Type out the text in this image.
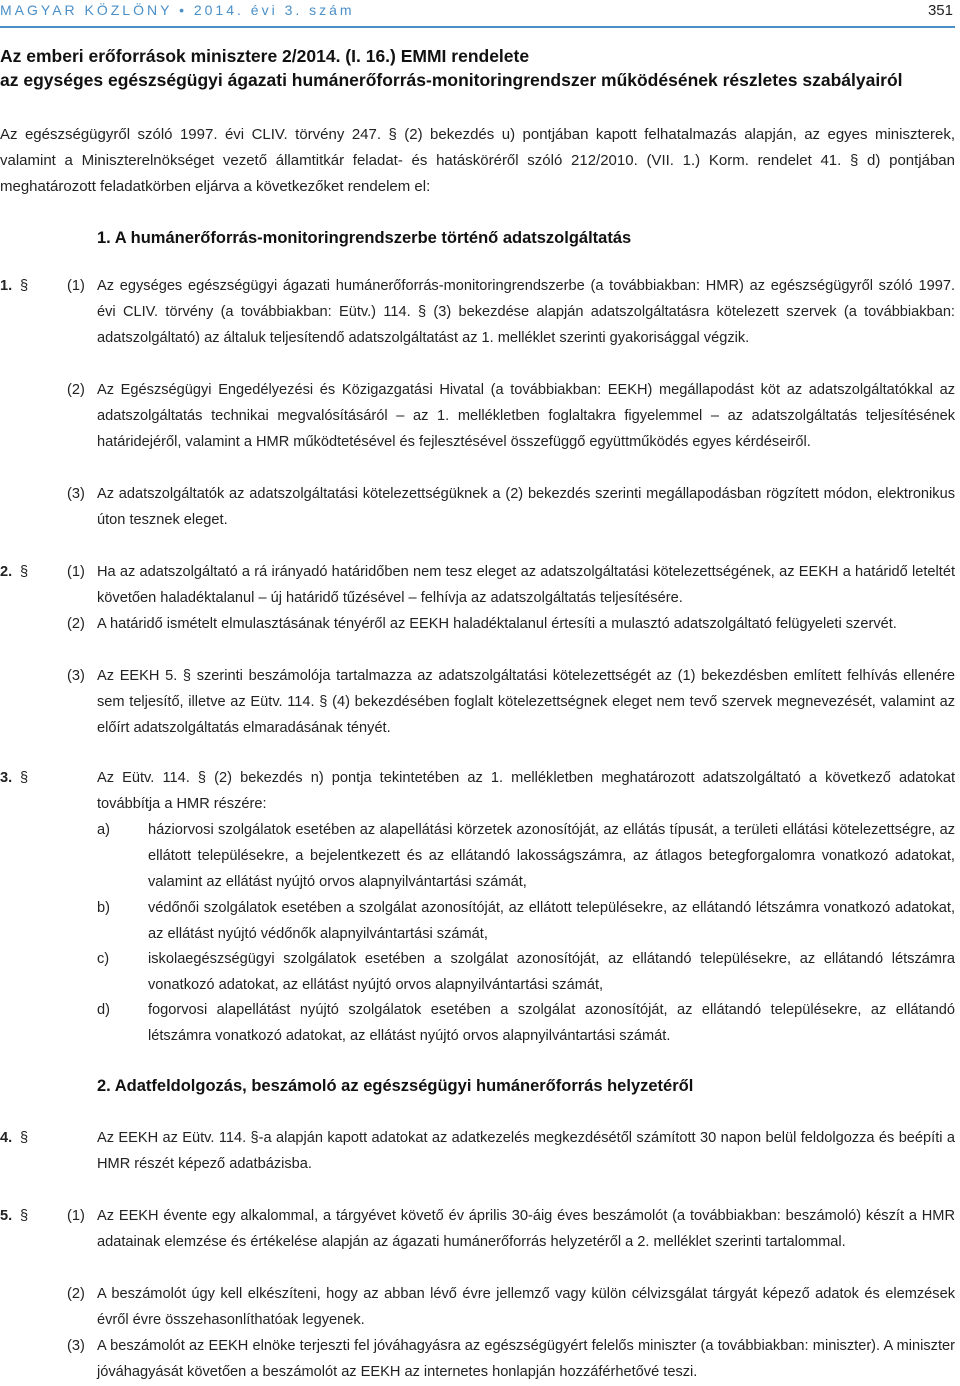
MAGYAR KÖZLÖNY • 2014. évi 3. szám	351
Az emberi erőforrások minisztere 2/2014. (I. 16.) EMMI rendelete
az egységes egészségügyi ágazati humánerőforrás-monitoringrendszer működésének részletes szabályairól
Az egészségügyről szóló 1997. évi CLIV. törvény 247. § (2) bekezdés u) pontjában kapott felhatalmazás alapján, az egyes miniszterek, valamint a Miniszterelnökséget vezető államtitkár feladat- és hatásköréről szóló 212/2010. (VII. 1.) Korm. rendelet 41. § d) pontjában meghatározott feladatkörben eljárva a következőket rendelem el:
1. A humánerőforrás-monitoringrendszerbe történő adatszolgáltatás
1. §	(1) Az egységes egészségügyi ágazati humánerőforrás-monitoringrendszerbe (a továbbiakban: HMR) az egészségügyről szóló 1997. évi CLIV. törvény (a továbbiakban: Eütv.) 114. § (3) bekezdése alapján adatszolgáltatásra kötelezett szervek (a továbbiakban: adatszolgáltató) az általuk teljesítendő adatszolgáltatást az 1. melléklet szerinti gyakorisággal végzik.
(2) Az Egészségügyi Engedélyezési és Közigazgatási Hivatal (a továbbiakban: EEKH) megállapodást köt az adatszolgáltatókkal az adatszolgáltatás technikai megvalósításáról – az 1. mellékletben foglaltakra figyelemmel – az adatszolgáltatás teljesítésének határidejéről, valamint a HMR működtetésével és fejlesztésével összefüggő együttműködés egyes kérdéseiről.
(3) Az adatszolgáltatók az adatszolgáltatási kötelezettségüknek a (2) bekezdés szerinti megállapodásban rögzített módon, elektronikus úton tesznek eleget.
2. §	(1) Ha az adatszolgáltató a rá irányadó határidőben nem tesz eleget az adatszolgáltatási kötelezettségének, az EEKH a határidő leteltét követően haladéktalanul – új határidő tűzésével – felhívja az adatszolgáltatás teljesítésére.
(2) A határidő ismételt elmulasztásának tényéről az EEKH haladéktalanul értesíti a mulasztó adatszolgáltató felügyeleti szervét.
(3) Az EEKH 5. § szerinti beszámolója tartalmazza az adatszolgáltatási kötelezettségét az (1) bekezdésben említett felhívás ellenére sem teljesítő, illetve az Eütv. 114. § (4) bekezdésében foglalt kötelezettségnek eleget nem tevő szervek megnevezését, valamint az előírt adatszolgáltatás elmaradásának tényét.
3. §	Az Eütv. 114. § (2) bekezdés n) pontja tekintetében az 1. mellékletben meghatározott adatszolgáltató a következő adatokat továbbítja a HMR részére:
a)	háziorvosi szolgálatok esetében az alapellátási körzetek azonosítóját, az ellátás típusát, a területi ellátási kötelezettségre, az ellátott településekre, a bejelentkezett és az ellátandó lakosságszámra, az átlagos betegforgalomra vonatkozó adatokat, valamint az ellátást nyújtó orvos alapnyilvántartási számát,
b)	védőnői szolgálatok esetében a szolgálat azonosítóját, az ellátott településekre, az ellátandó létszámra vonatkozó adatokat, az ellátást nyújtó védőnők alapnyilvántartási számát,
c)	iskolaegészségügyi szolgálatok esetében a szolgálat azonosítóját, az ellátandó településekre, az ellátandó létszámra vonatkozó adatokat, az ellátást nyújtó orvos alapnyilvántartási számát,
d)	fogorvosi alapellátást nyújtó szolgálatok esetében a szolgálat azonosítóját, az ellátandó településekre, az ellátandó létszámra vonatkozó adatokat, az ellátást nyújtó orvos alapnyilvántartási számát.
2. Adatfeldolgozás, beszámoló az egészségügyi humánerőforrás helyzetéről
4. §	Az EEKH az Eütv. 114. §-a alapján kapott adatokat az adatkezelés megkezdésétől számított 30 napon belül feldolgozza és beépíti a HMR részét képező adatbázisba.
5. §	(1) Az EEKH évente egy alkalommal, a tárgyévet követő év április 30-áig éves beszámolót (a továbbiakban: beszámoló) készít a HMR adatainak elemzése és értékelése alapján az ágazati humánerőforrás helyzetéről a 2. melléklet szerinti tartalommal.
(2) A beszámolót úgy kell elkészíteni, hogy az abban lévő évre jellemző vagy külön célvizsgálat tárgyát képező adatok és elemzések évről évre összehasonlíthatóak legyenek.
(3) A beszámolót az EEKH elnöke terjeszti fel jóváhagyásra az egészségügyért felelős miniszter (a továbbiakban: miniszter). A miniszter jóváhagyását követően a beszámolót az EEKH az internetes honlapján hozzáférhetővé teszi.
